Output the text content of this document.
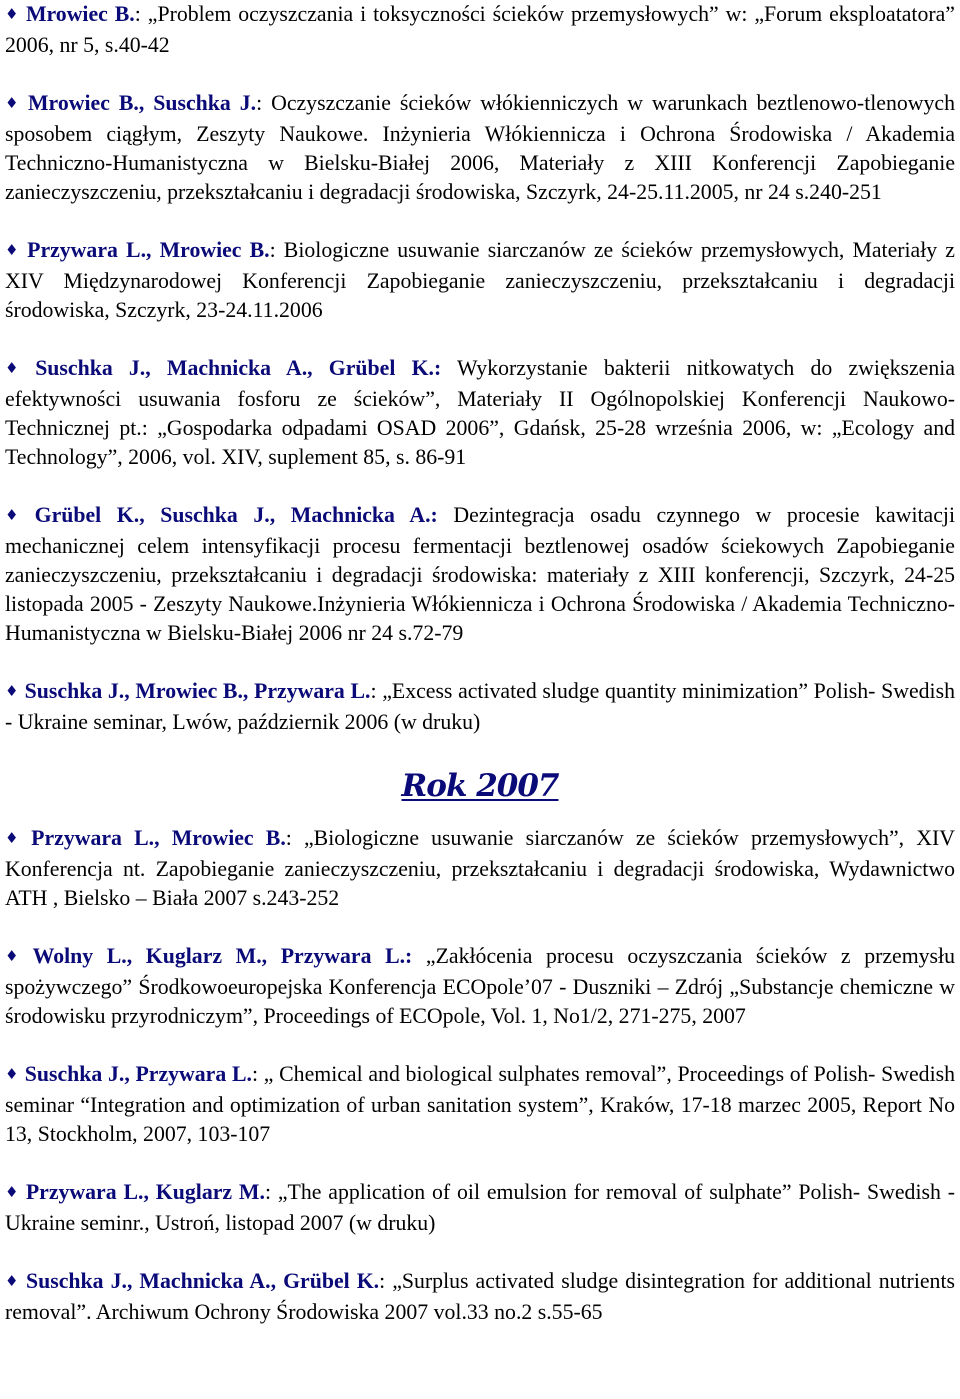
♦ Mrowiec B.: „Problem oczyszczania i toksyczności ścieków przemysłowych” w: „Forum eksploatatora” 2006, nr 5, s.40-42

♦ Mrowiec B., Suschka J.: Oczyszczanie ścieków włókienniczych w warunkach beztlenowo-tlenowych sposobem ciągłym, Zeszyty Naukowe. Inżynieria Włókiennicza i Ochrona Środowiska / Akademia Techniczno-Humanistyczna w Bielsku-Białej 2006, Materiały z XIII Konferencji Zapobieganie zanieczyszczeniu, przekształcaniu i degradacji środowiska, Szczyrk, 24-25.11.2005, nr 24 s.240-251

♦ Przywara L., Mrowiec B.: Biologiczne usuwanie siarczanów ze ścieków przemysłowych, Materiały z XIV Międzynarodowej Konferencji Zapobieganie zanieczyszczeniu, przekształcaniu i degradacji środowiska, Szczyrk, 23-24.11.2006

♦ Suschka J., Machnicka A., Grübel K.: Wykorzystanie bakterii nitkowatych do zwiększenia efektywności usuwania fosforu ze ścieków”, Materiały II Ogólnopolskiej Konferencji Naukowo-Technicznej pt.: „Gospodarka odpadami OSAD 2006”, Gdańsk, 25-28 września 2006, w: „Ecology and Technology”, 2006, vol. XIV, suplement 85, s. 86-91

♦ Grübel K., Suschka J., Machnicka A.: Dezintegracja osadu czynnego w procesie kawitacji mechanicznej celem intensyfikacji procesu fermentacji beztlenowej osadów ściekowych Zapobieganie zanieczyszczeniu, przekształcaniu i degradacji środowiska: materiały z XIII konferencji, Szczyrk, 24-25 listopada 2005 - Zeszyty Naukowe.Inżynieria Włókiennicza i Ochrona Środowiska / Akademia Techniczno-Humanistyczna w Bielsku-Białej 2006 nr 24 s.72-79

♦ Suschka J., Mrowiec B., Przywara L.: „Excess activated sludge quantity minimization” Polish- Swedish - Ukraine seminar, Lwów, październik 2006 (w druku)

Rok 2007

♦ Przywara L., Mrowiec B.: „Biologiczne usuwanie siarczanów ze ścieków przemysłowych”, XIV Konferencja nt. Zapobieganie zanieczyszczeniu, przekształcaniu i degradacji środowiska, Wydawnictwo ATH , Bielsko – Biała 2007 s.243-252

♦ Wolny L., Kuglarz M., Przywara L.: „Zakłócenia procesu oczyszczania ścieków z przemysłu spożywczego” Środkowoeuropejska Konferencja ECOpole’07 - Duszniki – Zdrój „Substancje chemiczne w środowisku przyrodniczym”, Proceedings of ECOpole, Vol. 1, No1/2, 271-275, 2007

♦ Suschka J., Przywara L.: „ Chemical and biological sulphates removal”, Proceedings of Polish- Swedish seminar “Integration and optimization of urban sanitation system”, Kraków, 17-18 marzec 2005, Report No 13, Stockholm, 2007, 103-107

♦ Przywara L., Kuglarz M.: „The application of oil emulsion for removal of sulphate” Polish- Swedish - Ukraine seminr., Ustroń, listopad 2007 (w druku)

♦ Suschka J., Machnicka A., Grübel K.: „Surplus activated sludge disintegration for additional nutrients removal”. Archiwum Ochrony Środowiska 2007 vol.33 no.2 s.55-65
